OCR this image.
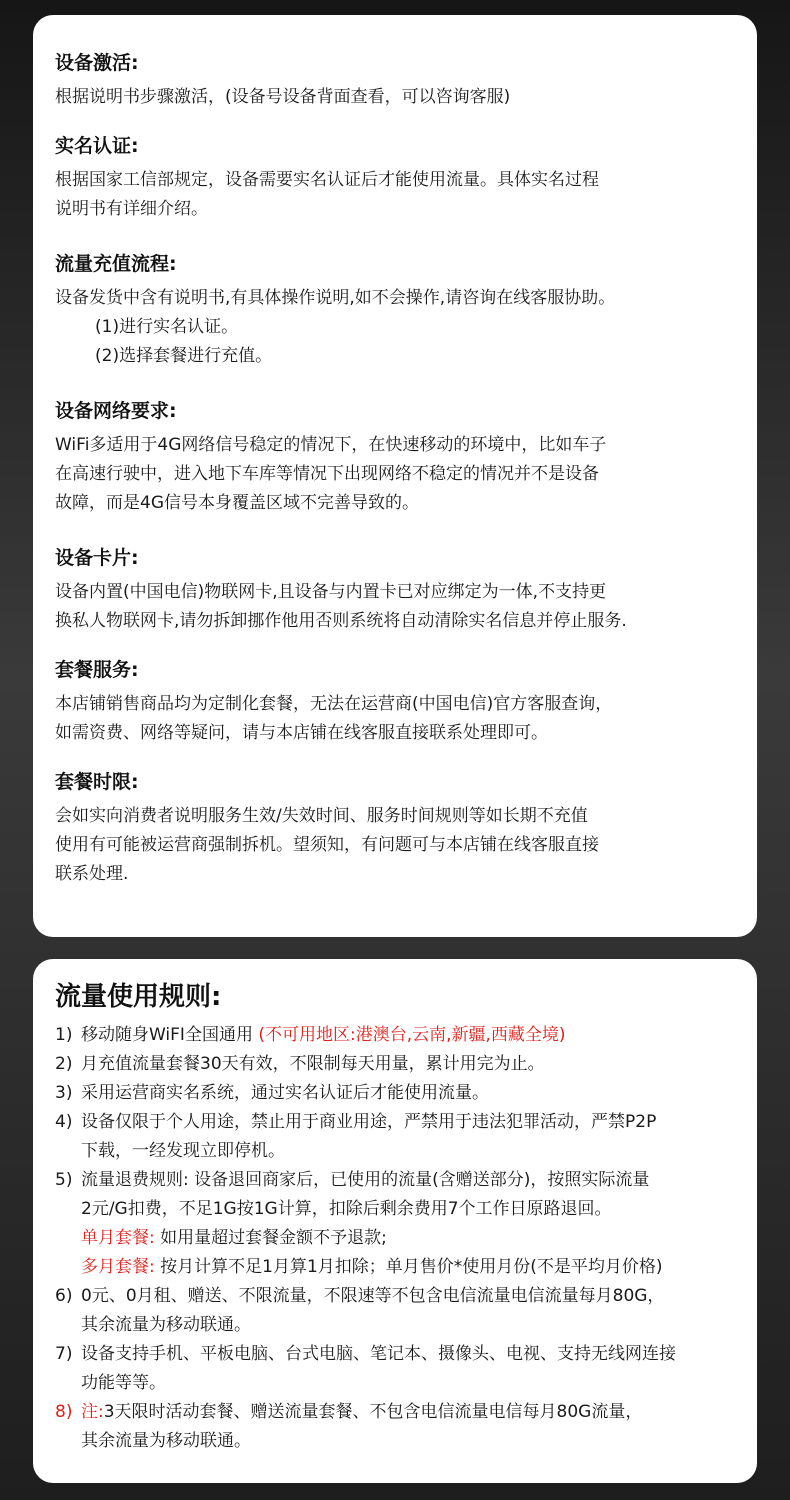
设备激活:
根据说明书步骤激活，(设备号设备背面查看，可以咨询客服)
实名认证:
根据国家工信部规定，设备需要实名认证后才能使用流量。具体实名过程
说明书有详细介绍。
流量充值流程:
设备发货中含有说明书,有具体操作说明,如不会操作,请咨询在线客服协助。
(1)进行实名认证。
(2)选择套餐进行充值。
设备网络要求:
WiFi多适用于4G网络信号稳定的情况下，在快速移动的环境中，比如车子
在高速行驶中，进入地下车库等情况下出现网络不稳定的情况并不是设备
故障，而是4G信号本身覆盖区域不完善导致的。
设备卡片:
设备内置(中国电信)物联网卡,且设备与内置卡已对应绑定为一体,不支持更
换私人物联网卡,请勿拆卸挪作他用否则系统将自动清除实名信息并停止服务.
套餐服务:
本店铺销售商品均为定制化套餐，无法在运营商(中国电信)官方客服查询，
如需资费、网络等疑问，请与本店铺在线客服直接联系处理即可。
套餐时限:
会如实向消费者说明服务生效/失效时间、服务时间规则等如长期不充值
使用有可能被运营商强制拆机。望须知，有问题可与本店铺在线客服直接
联系处理.
流量使用规则:
1) 移动随身WiFI全国通用 (不可用地区:港澳台,云南,新疆,西藏全境)
2) 月充值流量套餐30天有效，不限制每天用量，累计用完为止。
3) 采用运营商实名系统，通过实名认证后才能使用流量。
4) 设备仅限于个人用途，禁止用于商业用途，严禁用于违法犯罪活动，严禁P2P
下载，一经发现立即停机。
5) 流量退费规则: 设备退回商家后，已使用的流量(含赠送部分)，按照实际流量
2元/G扣费，不足1G按1G计算，扣除后剩余费用7个工作日原路退回。
单月套餐: 如用量超过套餐金额不予退款;
多月套餐: 按月计算不足1月算1月扣除；单月售价*使用月份(不是平均月价格)
6) 0元、0月租、赠送、不限流量，不限速等不包含电信流量电信流量每月80G，
其余流量为移动联通。
7) 设备支持手机、平板电脑、台式电脑、笔记本、摄像头、电视、支持无线网连接
功能等等。
8) 注:3天限时活动套餐、赠送流量套餐、不包含电信流量电信每月80G流量，
其余流量为移动联通。
